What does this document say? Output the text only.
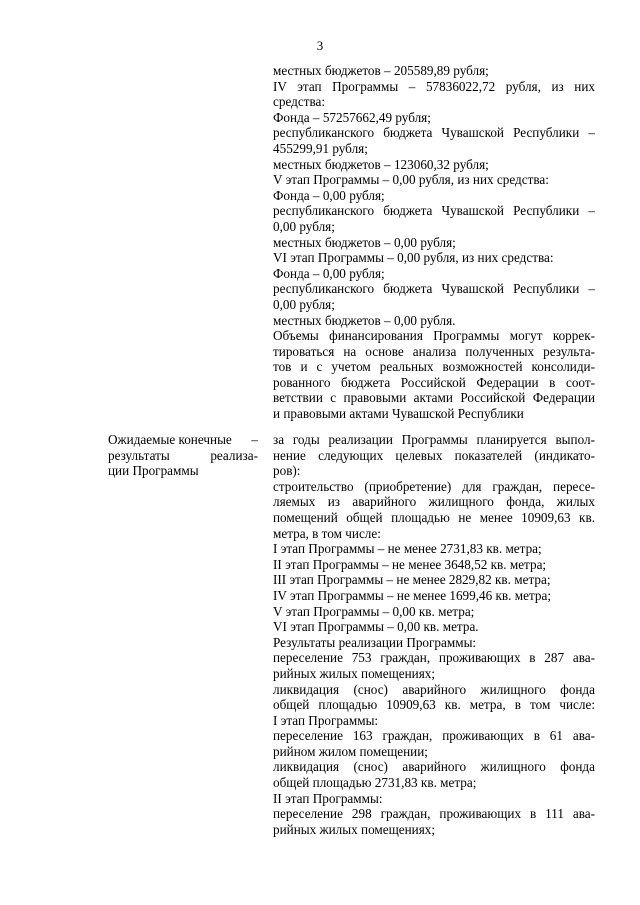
3
местных бюджетов – 205589,89 рубля;
IV этап Программы – 57836022,72 рубля, из них
средства:
Фонда – 57257662,49 рубля;
республиканского бюджета Чувашской Республики –
455299,91 рубля;
местных бюджетов – 123060,32 рубля;
V этап Программы – 0,00 рубля, из них средства:
Фонда – 0,00 рубля;
республиканского бюджета Чувашской Республики –
0,00 рубля;
местных бюджетов – 0,00 рубля;
VI этап Программы – 0,00 рубля, из них средства:
Фонда – 0,00 рубля;
республиканского бюджета Чувашской Республики –
0,00 рубля;
местных бюджетов – 0,00 рубля.
Объемы финансирования Программы могут коррек-
тироваться на основе анализа полученных результа-
тов и с учетом реальных возможностей консолиди-
рованного бюджета Российской Федерации в соот-
ветствии с правовыми актами Российской Федерации
и правовыми актами Чувашской Республики
Ожидаемые конечные –
результаты реализа-
ции Программы
за годы реализации Программы планируется выпол-
нение следующих целевых показателей (индикато-
ров):
строительство (приобретение) для граждан, пересе-
ляемых из аварийного жилищного фонда, жилых
помещений общей площадью не менее 10909,63 кв.
метра, в том числе:
I этап Программы – не менее 2731,83 кв. метра;
II этап Программы – не менее 3648,52 кв. метра;
III этап Программы – не менее 2829,82 кв. метра;
IV этап Программы – не менее 1699,46 кв. метра;
V этап Программы – 0,00 кв. метра;
VI этап Программы – 0,00 кв. метра.
Результаты реализации Программы:
переселение 753 граждан, проживающих в 287 ава-
рийных жилых помещениях;
ликвидация (снос) аварийного жилищного фонда
общей площадью 10909,63 кв. метра, в том числе:
I этап Программы:
переселение 163 граждан, проживающих в 61 ава-
рийном жилом помещении;
ликвидация (снос) аварийного жилищного фонда
общей площадью 2731,83 кв. метра;
II этап Программы:
переселение 298 граждан, проживающих в 111 ава-
рийных жилых помещениях;
